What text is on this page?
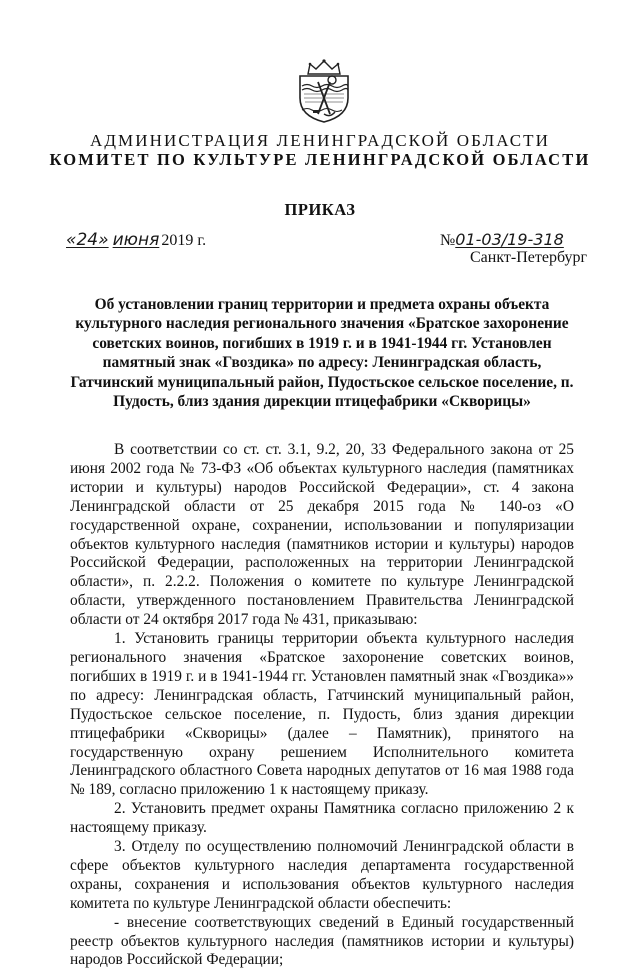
АДМИНИСТРАЦИЯ ЛЕНИНГРАДСКОЙ ОБЛАСТИ
КОМИТЕТ ПО КУЛЬТУРЕ ЛЕНИНГРАДСКОЙ ОБЛАСТИ
ПРИКАЗ
«24» июня 2019 г.	№01-03/19-318
Санкт-Петербург
Об установлении границ территории и предмета охраны объекта культурного наследия регионального значения «Братское захоронение советских воинов, погибших в 1919 г. и в 1941-1944 гг. Установлен памятный знак «Гвоздика» по адресу: Ленинградская область, Гатчинский муниципальный район, Пудостьское сельское поселение, п. Пудость, близ здания дирекции птицефабрики «Скворицы»

В соответствии со ст. ст. 3.1, 9.2, 20, 33 Федерального закона от 25 июня 2002 года № 73-ФЗ «Об объектах культурного наследия (памятниках истории и культуры) народов Российской Федерации», ст. 4 закона Ленинградской области от 25 декабря 2015 года № 140-оз «О государственной охране, сохранении, использовании и популяризации объектов культурного наследия (памятников истории и культуры) народов Российской Федерации, расположенных на территории Ленинградской области», п. 2.2.2. Положения о комитете по культуре Ленинградской области, утвержденного постановлением Правительства Ленинградской области от 24 октября 2017 года № 431, приказываю:

1. Установить границы территории объекта культурного наследия регионального значения «Братское захоронение советских воинов, погибших в 1919 г. и в 1941-1944 гг. Установлен памятный знак «Гвоздика»» по адресу: Ленинградская область, Гатчинский муниципальный район, Пудостьское сельское поселение, п. Пудость, близ здания дирекции птицефабрики «Скворицы» (далее – Памятник), принятого на государственную охрану решением Исполнительного комитета Ленинградского областного Совета народных депутатов от 16 мая 1988 года № 189, согласно приложению 1 к настоящему приказу.

2. Установить предмет охраны Памятника согласно приложению 2 к настоящему приказу.

3. Отделу по осуществлению полномочий Ленинградской области в сфере объектов культурного наследия департамента государственной охраны, сохранения и использования объектов культурного наследия комитета по культуре Ленинградской области обеспечить:

- внесение соответствующих сведений в Единый государственный реестр объектов культурного наследия (памятников истории и культуры) народов Российской Федерации;
